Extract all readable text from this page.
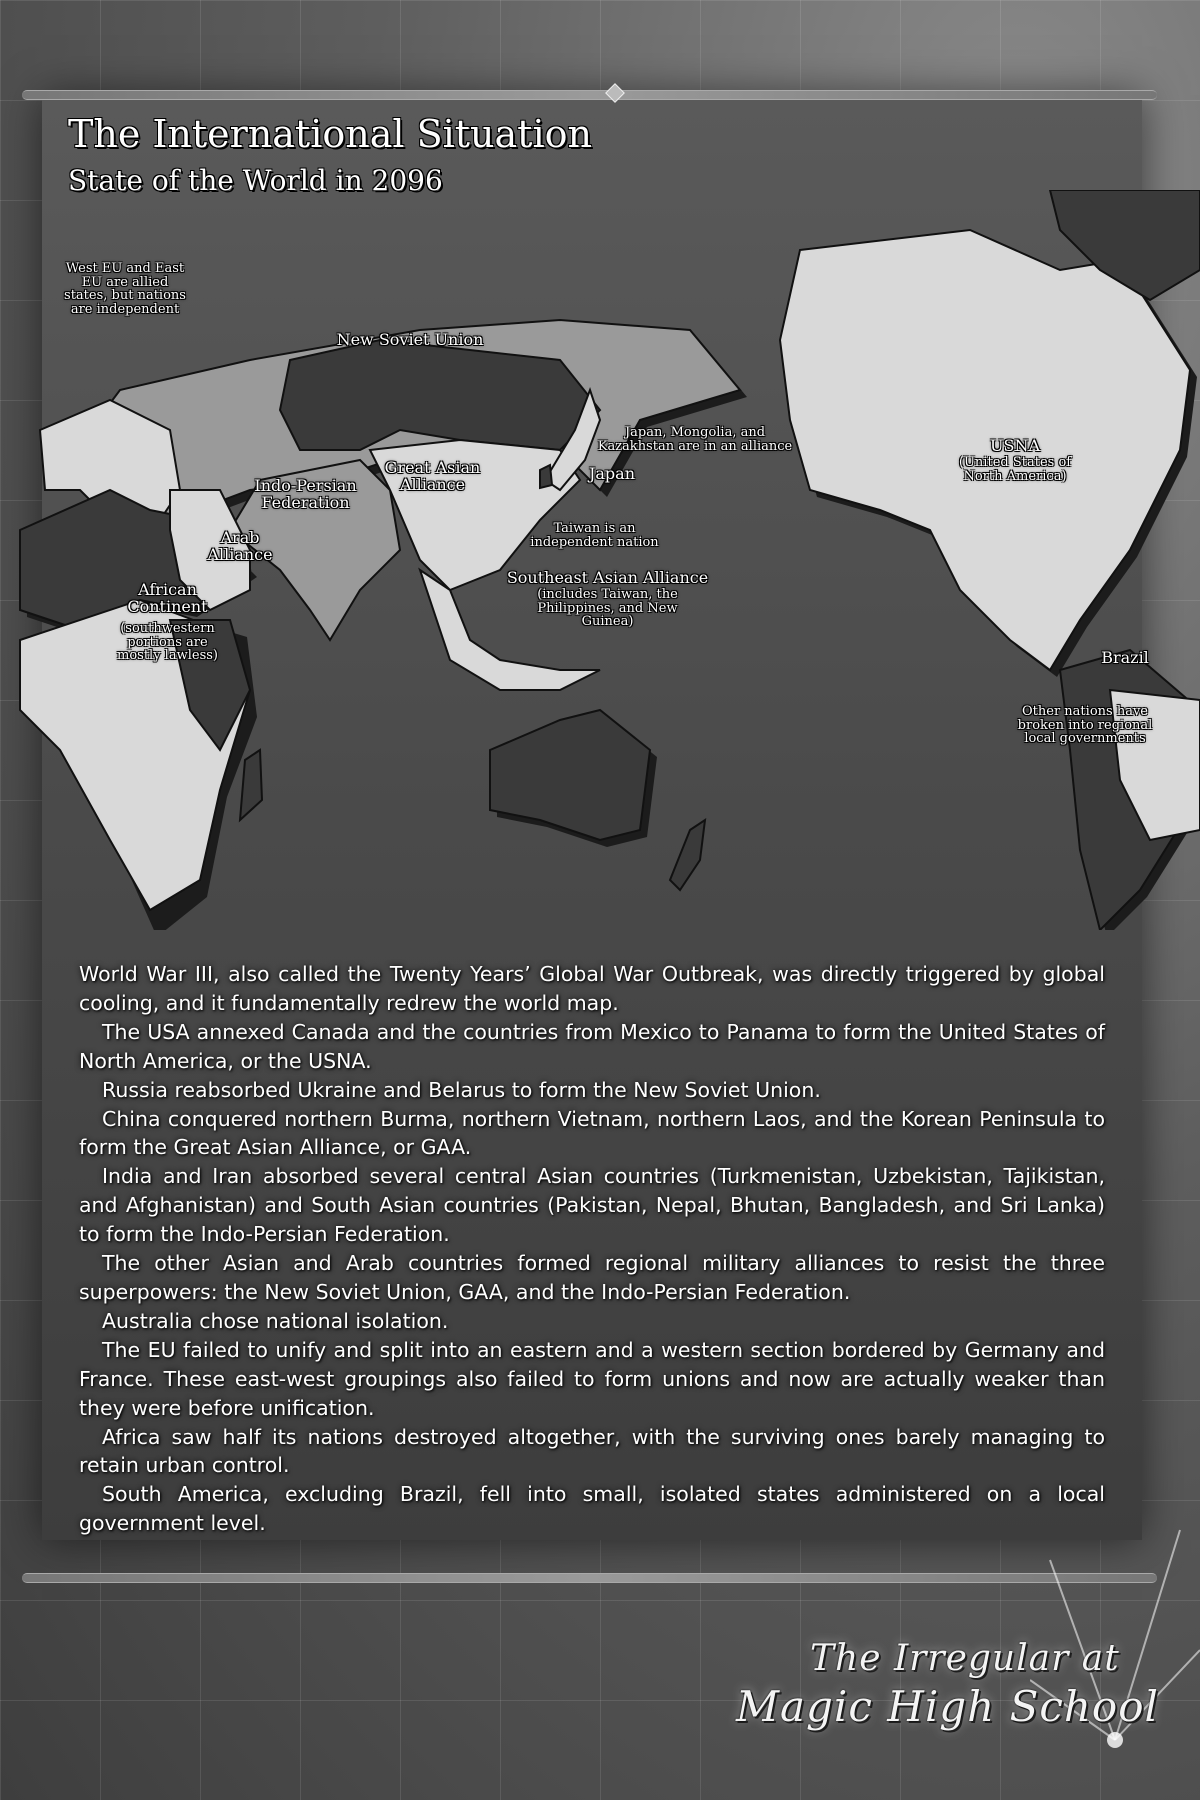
The International Situation
State of the World in 2096
West EU and East
EU are allied
states, but nations
are independent
New Soviet Union
Indo-Persian
Federation
Great Asian
Alliance
Japan, Mongolia, and
Kazakhstan are in an alliance
Japan
Taiwan is an
independent nation
Southeast Asian Alliance
(includes Taiwan, the
Philippines, and New Guinea)
Arab
Alliance
African
Continent
(southwestern
portions are
mostly lawless)
USNA
(United States of
North America)
Brazil
Other nations have
broken into regional
local governments

World War III, also called the Twenty Years’ Global War Outbreak, was directly triggered by global cooling, and it fundamentally redrew the world map.

The USA annexed Canada and the countries from Mexico to Panama to form the United States of North America, or the USNA.

Russia reabsorbed Ukraine and Belarus to form the New Soviet Union.

China conquered northern Burma, northern Vietnam, northern Laos, and the Korean Peninsula to form the Great Asian Alliance, or GAA.

India and Iran absorbed several central Asian countries (Turkmenistan, Uzbekistan, Tajikistan, and Afghanistan) and South Asian countries (Pakistan, Nepal, Bhutan, Bangladesh, and Sri Lanka) to form the Indo-Persian Federation.

The other Asian and Arab countries formed regional military alliances to resist the three superpowers: the New Soviet Union, GAA, and the Indo-Persian Federation.

Australia chose national isolation.

The EU failed to unify and split into an eastern and a western section bordered by Germany and France. These east-west groupings also failed to form unions and now are actually weaker than they were before unification.

Africa saw half its nations destroyed altogether, with the surviving ones barely managing to retain urban control.

South America, excluding Brazil, fell into small, isolated states administered on a local government level.

The Irregular at
Magic High School
